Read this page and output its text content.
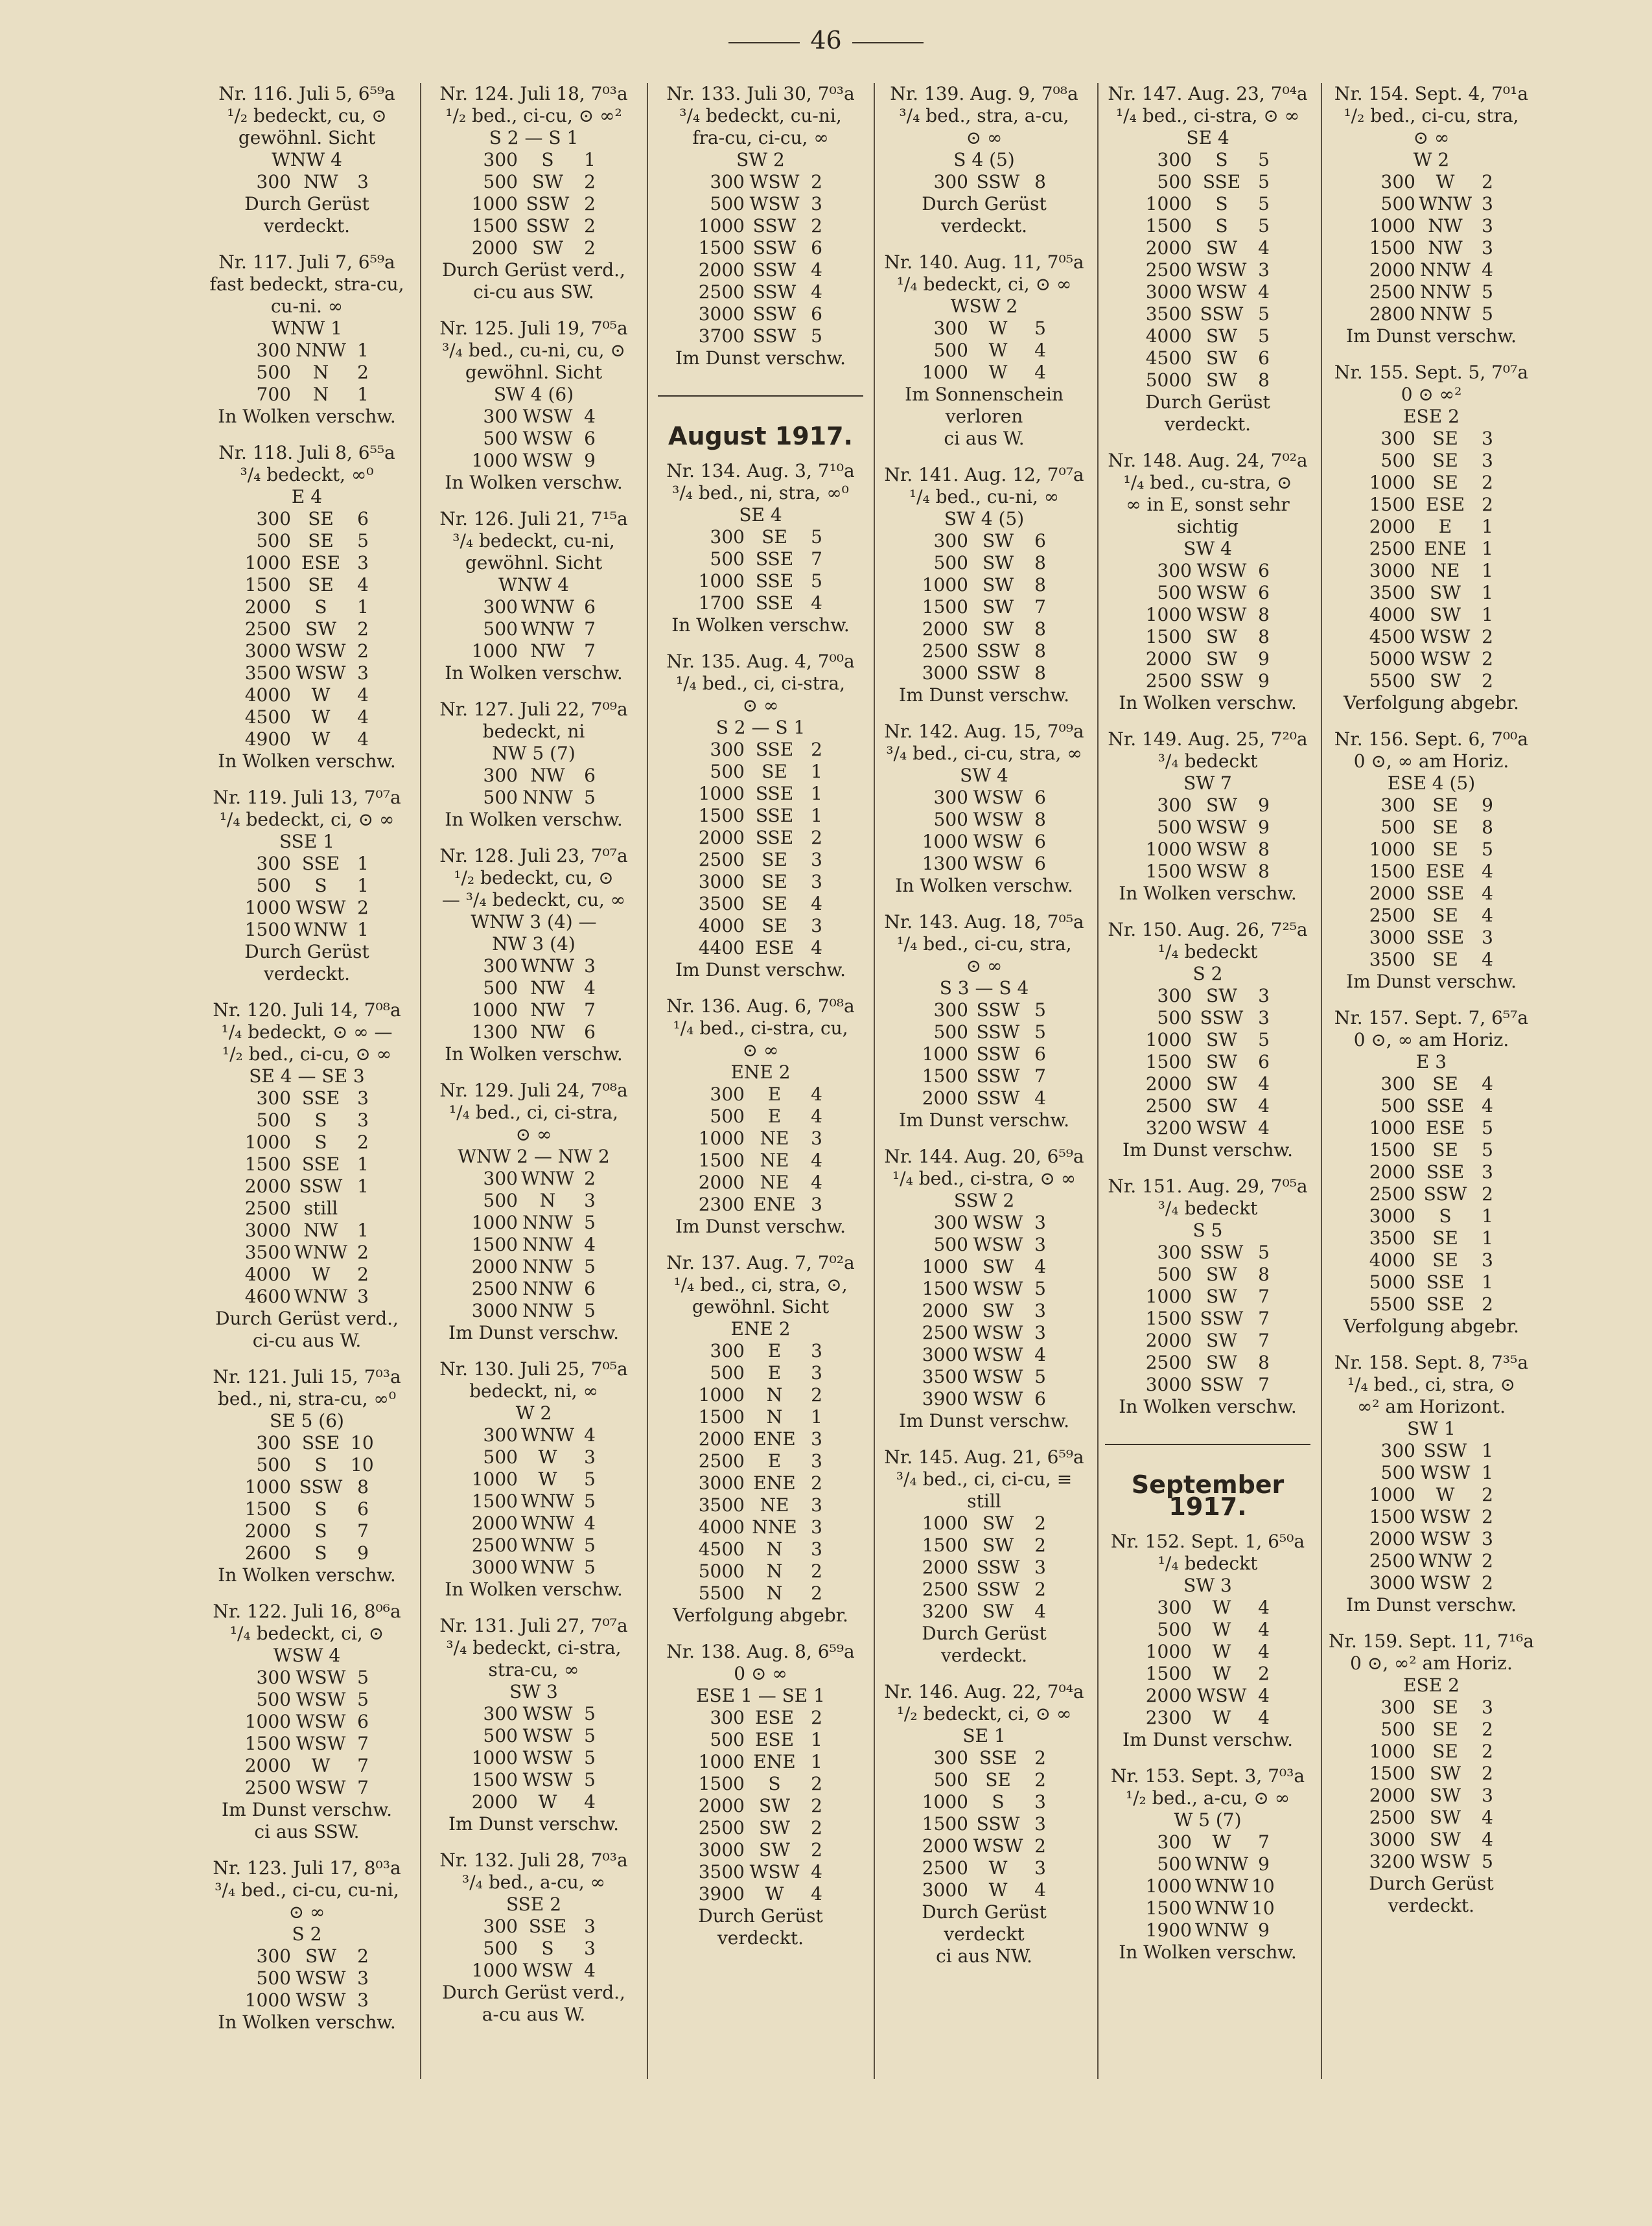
46
Nr. 116. Juli 5, 6⁵⁹a
¹/₂ bedeckt, cu, ⊙
gewöhnl. Sicht
WNW 4
300 NW	3
Durch Gerüst
verdeckt.
Nr. 117. Juli 7, 6⁵⁹a
fast bedeckt, stra-cu,
cu-ni. ∞
WNW 1
300 NNW 1
500	N	2
700	N	1
In Wolken verschw.
Nr. 118. Juli 8, 6⁵⁵a
³/₄ bedeckt, ∞⁰
E 4
300 SE	6
500 SE	5
1000 ESE 3
1500 SE	4
2000	S	1
2500 SW	2
3000 WSW 2
3500 WSW 3
4000	W	4
4500	W	4
4900	W	4
In Wolken verschw.
Nr. 119. Juli 13, 7⁰⁷a
¹/₄ bedeckt, ci, ⊙ ∞
SSE 1
300 SSE 1
500	S	1
1000 WSW 2
1500 WNW 1
Durch Gerüst
verdeckt.
Nr. 120. Juli 14, 7⁰⁸a
¹/₄ bedeckt, ⊙ ∞ —
¹/₂ bed., ci-cu, ⊙ ∞
SE 4 — SE 3
300 SSE 3
500	S	3
1000	S	2
1500 SSE 1
2000 SSW 1
2500 still
3000 NW	1
3500 WNW 2
4000	W	2
4600 WNW 3
Durch Gerüst verd.,
ci-cu aus W.
Nr. 121. Juli 15, 7⁰³a
bed., ni, stra-cu, ∞⁰
SE 5 (6)
300 SSE 10
500	S	10
1000 SSW 8
1500	S	6
2000	S	7
2600	S	9
In Wolken verschw.
Nr. 122. Juli 16, 8⁰⁶a
¹/₄ bedeckt, ci, ⊙
WSW 4
300 WSW 5
500 WSW 5
1000 WSW 6
1500 WSW 7
2000	W	7
2500 WSW 7
Im Dunst verschw.
ci aus SSW.
Nr. 123. Juli 17, 8⁰³a
³/₄ bed., ci-cu, cu-ni,
⊙ ∞
S 2
300 SW	2
500 WSW 3
1000 WSW 3
In Wolken verschw.
Nr. 124. Juli 18, 7⁰³a
¹/₂ bed., ci-cu, ⊙ ∞²
S 2 — S 1
300	S	1
500 SW	2
1000 SSW 2
1500 SSW 2
2000 SW	2
Durch Gerüst verd.,
ci-cu aus SW.
Nr. 125. Juli 19, 7⁰⁵a
³/₄ bed., cu-ni, cu, ⊙
gewöhnl. Sicht
SW 4 (6)
300 WSW 4
500 WSW 6
1000 WSW 9
In Wolken verschw.
Nr. 126. Juli 21, 7¹⁵a
³/₄ bedeckt, cu-ni,
gewöhnl. Sicht
WNW 4
300 WNW 6
500 WNW 7
1000 NW	7
In Wolken verschw.
Nr. 127. Juli 22, 7⁰⁹a
bedeckt, ni
NW 5 (7)
300 NW	6
500 NNW 5
In Wolken verschw.
Nr. 128. Juli 23, 7⁰⁷a
¹/₂ bedeckt, cu, ⊙
— ³/₄ bedeckt, cu, ∞
WNW 3 (4) —
NW 3 (4)
300 WNW 3
500 NW	4
1000 NW	7
1300 NW	6
In Wolken verschw.
Nr. 129. Juli 24, 7⁰⁸a
¹/₄ bed., ci, ci-stra,
⊙ ∞
WNW 2 — NW 2
300 WNW 2
500	N	3
1000 NNW 5
1500 NNW 4
2000 NNW 5
2500 NNW 6
3000 NNW 5
Im Dunst verschw.
Nr. 130. Juli 25, 7⁰⁵a
bedeckt, ni, ∞
W 2
300 WNW 4
500	W	3
1000	W	5
1500 WNW 5
2000 WNW 4
2500 WNW 5
3000 WNW 5
In Wolken verschw.
Nr. 131. Juli 27, 7⁰⁷a
³/₄ bedeckt, ci-stra,
stra-cu, ∞
SW 3
300 WSW 5
500 WSW 5
1000 WSW 5
1500 WSW 5
2000	W	4
Im Dunst verschw.
Nr. 132. Juli 28, 7⁰³a
³/₄ bed., a-cu, ∞
SSE 2
300 SSE 3
500	S	3
1000 WSW 4
Durch Gerüst verd.,
a-cu aus W.
Nr. 133. Juli 30, 7⁰³a
³/₄ bedeckt, cu-ni,
fra-cu, ci-cu, ∞
SW 2
300 WSW 2
500 WSW 3
1000 SSW 2
1500 SSW 6
2000 SSW 4
2500 SSW 4
3000 SSW 6
3700 SSW 5
Im Dunst verschw.
August 1917.
Nr. 134. Aug. 3, 7¹⁰a
³/₄ bed., ni, stra, ∞⁰
SE 4
300 SE	5
500 SSE 7
1000 SSE 5
1700 SSE 4
In Wolken verschw.
Nr. 135. Aug. 4, 7⁰⁰a
¹/₄ bed., ci, ci-stra,
⊙ ∞
S 2 — S 1
300 SSE 2
500 SE	1
1000 SSE 1
1500 SSE 1
2000 SSE 2
2500 SE	3
3000 SE	3
3500 SE	4
4000 SE	3
4400 ESE 4
Im Dunst verschw.
Nr. 136. Aug. 6, 7⁰⁸a
¹/₄ bed., ci-stra, cu,
⊙ ∞
ENE 2
300	E	4
500	E	4
1000 NE	3
1500 NE	4
2000 NE	4
2300 ENE 3
Im Dunst verschw.
Nr. 137. Aug. 7, 7⁰²a
¹/₄ bed., ci, stra, ⊙,
gewöhnl. Sicht
ENE 2
300	E	3
500	E	3
1000	N	2
1500	N	1
2000 ENE 3
2500	E	3
3000 ENE 2
3500 NE	3
4000 NNE 3
4500	N	3
5000	N	2
5500	N	2
Verfolgung abgebr.
Nr. 138. Aug. 8, 6⁵⁹a
0 ⊙ ∞
ESE 1 — SE 1
300 ESE 2
500 ESE 1
1000 ENE 1
1500	S	2
2000 SW	2
2500 SW	2
3000 SW	2
3500 WSW 4
3900	W	4
Durch Gerüst
verdeckt.
Nr. 139. Aug. 9, 7⁰⁸a
³/₄ bed., stra, a-cu,
⊙ ∞
S 4 (5)
300 SSW 8
Durch Gerüst
verdeckt.
Nr. 140. Aug. 11, 7⁰⁵a
¹/₄ bedeckt, ci, ⊙ ∞
WSW 2
300	W	5
500	W	4
1000	W	4
Im Sonnenschein
verloren
ci aus W.
Nr. 141. Aug. 12, 7⁰⁷a
¹/₄ bed., cu-ni, ∞
SW 4 (5)
300 SW	6
500 SW	8
1000 SW	8
1500 SW	7
2000 SW	8
2500 SSW 8
3000 SSW 8
Im Dunst verschw.
Nr. 142. Aug. 15, 7⁰⁹a
³/₄ bed., ci-cu, stra, ∞
SW 4
300 WSW 6
500 WSW 8
1000 WSW 6
1300 WSW 6
In Wolken verschw.
Nr. 143. Aug. 18, 7⁰⁵a
¹/₄ bed., ci-cu, stra,
⊙ ∞
S 3 — S 4
300 SSW 5
500 SSW 5
1000 SSW 6
1500 SSW 7
2000 SSW 4
Im Dunst verschw.
Nr. 144. Aug. 20, 6⁵⁹a
¹/₄ bed., ci-stra, ⊙ ∞
SSW 2
300 WSW 3
500 WSW 3
1000 SW	4
1500 WSW 5
2000 SW	3
2500 WSW 3
3000 WSW 4
3500 WSW 5
3900 WSW 6
Im Dunst verschw.
Nr. 145. Aug. 21, 6⁵⁹a
³/₄ bed., ci, ci-cu, ≡
still
1000 SW	2
1500 SW	2
2000 SSW 3
2500 SSW 2
3200 SW	4
Durch Gerüst
verdeckt.
Nr. 146. Aug. 22, 7⁰⁴a
¹/₂ bedeckt, ci, ⊙ ∞
SE 1
300 SSE 2
500 SE	2
1000	S	3
1500 SSW 3
2000 WSW 2
2500	W	3
3000	W	4
Durch Gerüst
verdeckt
ci aus NW.
Nr. 147. Aug. 23, 7⁰⁴a
¹/₄ bed., ci-stra, ⊙ ∞
SE 4
300	S	5
500 SSE 5
1000	S	5
1500	S	5
2000 SW	4
2500 WSW 3
3000 WSW 4
3500 SSW 5
4000 SW	5
4500 SW	6
5000 SW	8
Durch Gerüst
verdeckt.
Nr. 148. Aug. 24, 7⁰²a
¹/₄ bed., cu-stra, ⊙
∞ in E, sonst sehr
sichtig
SW 4
300 WSW 6
500 WSW 6
1000 WSW 8
1500 SW	8
2000 SW	9
2500 SSW 9
In Wolken verschw.
Nr. 149. Aug. 25, 7²⁰a
³/₄ bedeckt
SW 7
300 SW	9
500 WSW 9
1000 WSW 8
1500 WSW 8
In Wolken verschw.
Nr. 150. Aug. 26, 7²⁵a
¹/₄ bedeckt
S 2
300 SW	3
500 SSW 3
1000 SW	5
1500 SW	6
2000 SW	4
2500 SW	4
3200 WSW 4
Im Dunst verschw.
Nr. 151. Aug. 29, 7⁰⁵a
³/₄ bedeckt
S 5
300 SSW 5
500 SW	8
1000 SW	7
1500 SSW 7
2000 SW	7
2500 SW	8
3000 SSW 7
In Wolken verschw.
September 1917.
Nr. 152. Sept. 1, 6⁵⁰a
¹/₄ bedeckt
SW 3
300	W	4
500	W	4
1000	W	4
1500	W	2
2000 WSW 4
2300	W	4
Im Dunst verschw.
Nr. 153. Sept. 3, 7⁰³a
¹/₂ bed., a-cu, ⊙ ∞
W 5 (7)
300	W	7
500 WNW 9
1000 WNW 10
1500 WNW 10
1900 WNW 9
In Wolken verschw.
Nr. 154. Sept. 4, 7⁰¹a
¹/₂ bed., ci-cu, stra,
⊙ ∞
W 2
300	W	2
500 WNW 3
1000 NW	3
1500 NW	3
2000 NNW 4
2500 NNW 5
2800 NNW 5
Im Dunst verschw.
Nr. 155. Sept. 5, 7⁰⁷a
0 ⊙ ∞²
ESE 2
300 SE	3
500 SE	3
1000 SE	2
1500 ESE 2
2000	E	1
2500 ENE 1
3000 NE	1
3500 SW	1
4000 SW	1
4500 WSW 2
5000 WSW 2
5500 SW	2
Verfolgung abgebr.
Nr. 156. Sept. 6, 7⁰⁰a
0 ⊙, ∞ am Horiz.
ESE 4 (5)
300 SE	9
500 SE	8
1000 SE	5
1500 ESE 4
2000 SSE 4
2500 SE	4
3000 SSE 3
3500 SE	4
Im Dunst verschw.
Nr. 157. Sept. 7, 6⁵⁷a
0 ⊙, ∞ am Horiz.
E 3
300 SE	4
500 SSE 4
1000 ESE 5
1500 SE	5
2000 SSE 3
2500 SSW 2
3000	S	1
3500 SE	1
4000 SE	3
5000 SSE 1
5500 SSE 2
Verfolgung abgebr.
Nr. 158. Sept. 8, 7³⁵a
¹/₄ bed., ci, stra, ⊙
∞² am Horizont.
SW 1
300 SSW 1
500 WSW 1
1000	W	2
1500 WSW 2
2000 WSW 3
2500 WNW 2
3000 WSW 2
Im Dunst verschw.
Nr. 159. Sept. 11, 7¹⁶a
0 ⊙, ∞² am Horiz.
ESE 2
300 SE	3
500 SE	2
1000 SE	2
1500 SW	2
2000 SW	3
2500 SW	4
3000 SW	4
3200 WSW 5
Durch Gerüst
verdeckt.
